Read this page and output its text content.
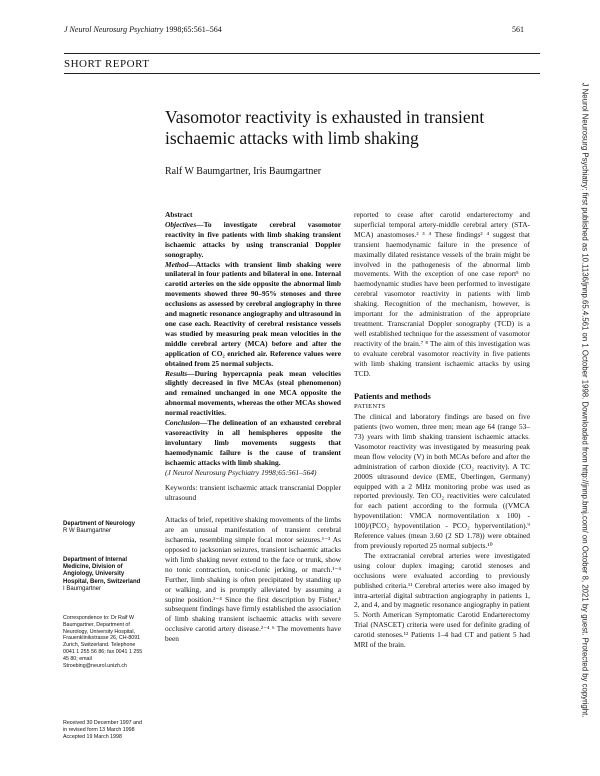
J Neurol Neurosurg Psychiatry 1998;65:561–564	561
SHORT REPORT
Vasomotor reactivity is exhausted in transient ischaemic attacks with limb shaking
Ralf W Baumgartner, Iris Baumgartner
Department of Neurology
R W Baumgartner
Department of Internal Medicine, Division of Angiology, University Hospital, Bern, Switzerland
I Baumgartner
Correspondence to: Dr Ralf W Baumgartner, Department of Neurology, University Hospital, Frauenklinikstrasse 26, CH-8091 Zurich, Switzerland. Telephone 0041 1 255 56 86; fax 0041 1 255 45 80; email Stroebing@neurol.unizh.ch
Received 30 December 1997 and in revised form 13 March 1998 Accepted 19 March 1998

Abstract

Objectives—To investigate cerebral vasomotor reactivity in five patients with limb shaking transient ischaemic attacks by using transcranial Doppler sonography.

Method—Attacks with transient limb shaking were unilateral in four patients and bilateral in one. Internal carotid arteries on the side opposite the abnormal limb movements showed three 90–95% stenoses and three occlusions as assessed by cerebral angiography in three and magnetic resonance angiography and ultrasound in one case each. Reactivity of cerebral resistance vessels was studied by measuring peak mean velocities in the middle cerebral artery (MCA) before and after the application of CO₂ enriched air. Reference values were obtained from 25 normal subjects.

Results—During hypercapnia peak mean velocities slightly decreased in five MCAs (steal phenomenon) and remained unchanged in one MCA opposite the abnormal movements, whereas the other MCAs showed normal reactivities.

Conclusion—The delineation of an exhausted cerebral vasoreactivity in all hemispheres opposite the involuntary limb movements suggests that haemodynamic failure is the cause of transient ischaemic attacks with limb shaking.

(J Neurol Neurosurg Psychiatry 1998;65:561–564)

Keywords: transient ischaemic attack transcranial Doppler ultrasound

Attacks of brief, repetitive shaking movements of the limbs are an unusual manifestation of transient cerebral ischaemia, resembling simple focal motor seizures.¹⁻³ As opposed to jacksonian seizures, transient ischaemic attacks with limb shaking never extend to the face or trunk, show no tonic contraction, tonic-clonic jerking, or march.¹⁻⁴ Further, limb shaking is often precipitated by standing up or walking, and is promptly alleviated by assuming a supine position.²⁻⁴ Since the first description by Fisher,¹ subsequent findings have firmly established the association of limb shaking transient ischaemic attacks with severe occlusive carotid artery disease.²⁻⁴ ⁶ The movements have been

reported to cease after carotid endarterectomy and superficial temporal artery-middle cerebral artery (STA-MCA) anastomoses.² ³ ⁴ These findings² ⁴ suggest that transient haemodynamic failure in the presence of maximally dilated resistance vessels of the brain might be involved in the pathogenesis of the abnormal limb movements. With the exception of one case report⁵ no haemodynamic studies have been performed to investigate cerebral vasomotor reactivity in patients with limb shaking. Recognition of the mechanism, however, is important for the administration of the appropriate treatment. Transcranial Doppler sonography (TCD) is a well established technique for the assessment of vasomotor reactivity of the brain.⁷ ⁸ The aim of this investigation was to evaluate cerebral vasomotor reactivity in five patients with limb shaking transient ischaemic attacks by using TCD.

Patients and methods

PATIENTS

The clinical and laboratory findings are based on five patients (two women, three men; mean age 64 (range 53–73) years with limb shaking transient ischaemic attacks. Vasomotor reactivity was investigated by measuring peak mean flow velocity (V) in both MCAs before and after the administration of carbon dioxide (CO₂ reactivity). A TC 2000S ultrasound device (EME, Überlingen, Germany) equipped with a 2 MHz monitoring probe was used as reported previously. Ten CO₂ reactivities were calculated for each patient according to the formula ((VMCA hypoventilation: VMCA normoventilation x 100) - 100)/(PCO₂ hypoventilation - PCO₂ hyperventilation).⁹ Reference values (mean 3.60 (2 SD 1.78)) were obtained from previously reported 25 normal subjects.¹⁰

The extracranial cerebral arteries were investigated using colour duplex imaging; carotid stenoses and occlusions were evaluated according to previously published criteria.¹¹ Cerebral arteries were also imaged by intra-arterial digital subtraction angiography in patients 1, 2, and 4, and by magnetic resonance angiography in patient 5. North American Symptomatic Carotid Endarterectomy Trial (NASCET) criteria were used for definite grading of carotid stenoses.¹² Patients 1–4 had CT and patient 5 had MRI of the brain.	J Neurol Neurosurg Psychiatry: first published as 10.1136/jnnp.65.4.561 on 1 October 1998. Downloaded from http://jnnp.bmj.com/ on October 8, 2021 by guest. Protected by copyright.
